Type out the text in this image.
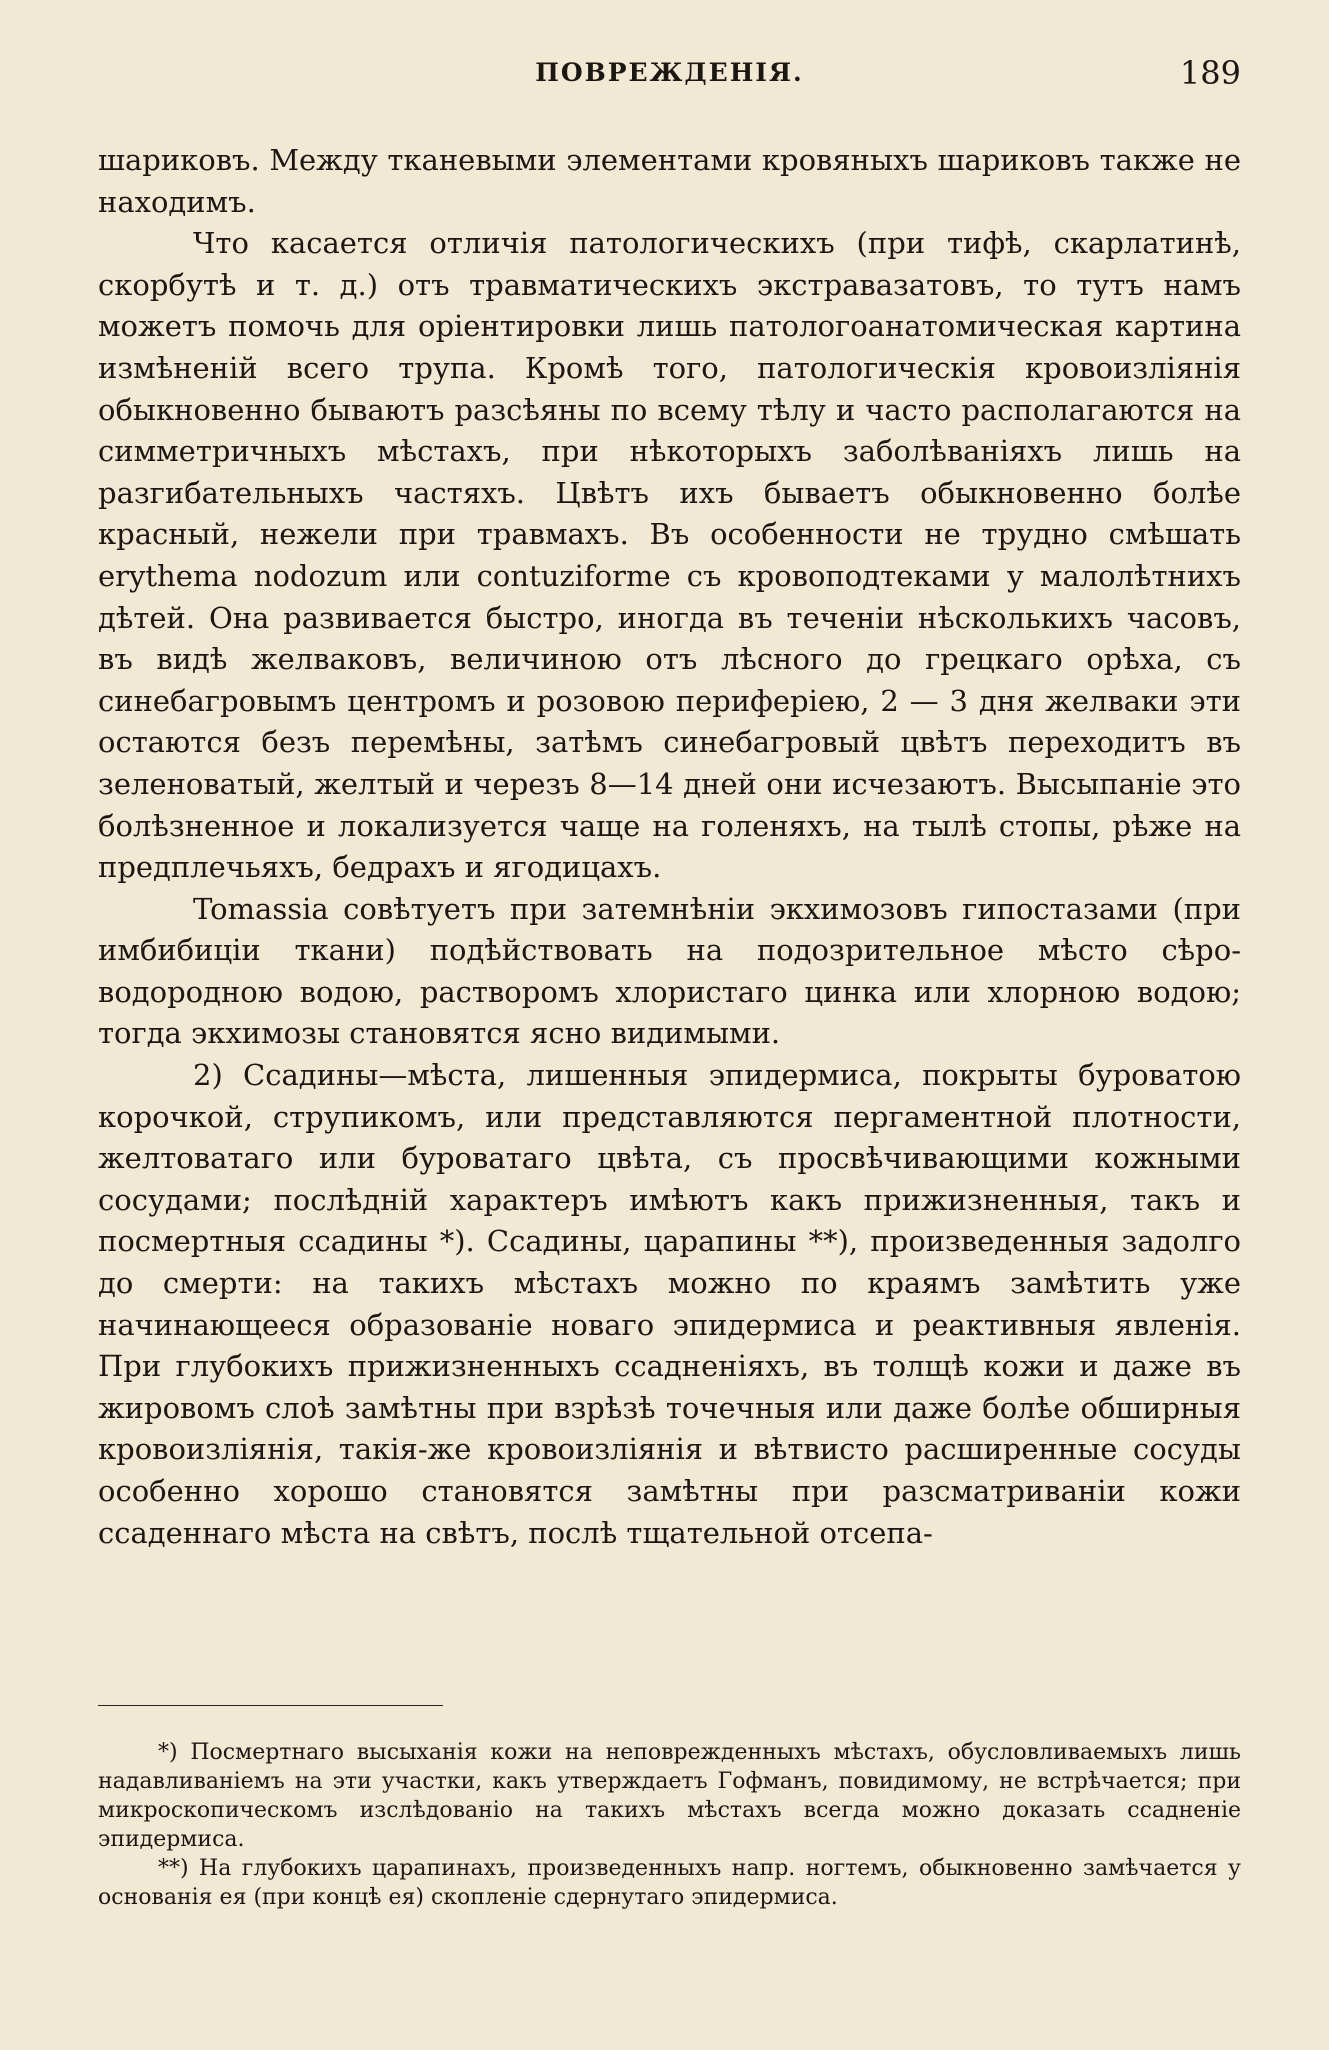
ПОВРЕЖДЕНІЯ.	189

шариковъ. Между тканевыми элементами кровяныхъ шариковъ также не находимъ.

Что касается отличія патологическихъ (при тифѣ, скарлатинѣ, скорбутѣ и т. д.) отъ травматическихъ экстравазатовъ, то тутъ намъ можетъ помочь для оріентировки лишь патологоанатомическая картина измѣненій всего трупа. Кромѣ того, патологическія кровоизліянія обыкновенно бываютъ разсѣяны по всему тѣлу и часто располагаются на симметричныхъ мѣстахъ, при нѣкоторыхъ заболѣваніяхъ лишь на разгибательныхъ частяхъ. Цвѣтъ ихъ бываетъ обыкновенно болѣе красный, нежели при травмахъ. Въ особенности не трудно смѣшать erythema nodozum или contuziforme съ кровоподтеками у малолѣтнихъ дѣтей. Она развивается быстро, иногда въ теченіи нѣсколькихъ часовъ, въ видѣ желваковъ, величиною отъ лѣсного до грецкаго орѣха, съ синебагровымъ центромъ и розовою периферіею, 2 — 3 дня желваки эти остаются безъ перемѣны, затѣмъ синебагровый цвѣтъ переходитъ въ зеленоватый, желтый и черезъ 8—14 дней они исчезаютъ. Высыпаніе это болѣзненное и локализуется чаще на голеняхъ, на тылѣ стопы, рѣже на предплечьяхъ, бедрахъ и ягодицахъ.

Tomassia совѣтуетъ при затемнѣніи экхимозовъ гипостазами (при имбибиціи ткани) подѣйствовать на подозрительное мѣсто сѣро-водородною водою, растворомъ хлористаго цинка или хлорною водою; тогда экхимозы становятся ясно видимыми.

2) Ссадины—мѣста, лишенныя эпидермиса, покрыты буроватою корочкой, струпикомъ, или представляются пергаментной плотности, желтоватаго или буроватаго цвѣта, съ просвѣчивающими кожными сосудами; послѣдній характеръ имѣютъ какъ прижизненныя, такъ и посмертныя ссадины *). Ссадины, царапины **), произведенныя задолго до смерти: на такихъ мѣстахъ можно по краямъ замѣтить уже начинающееся образованіе новаго эпидермиса и реактивныя явленія. При глубокихъ прижизненныхъ ссадненіяхъ, въ толщѣ кожи и даже въ жировомъ слоѣ замѣтны при взрѣзѣ точечныя или даже болѣе обширныя кровоизліянія, такія-же кровоизліянія и вѣтвисто расширенные сосуды особенно хорошо становятся замѣтны при разсматриваніи кожи ссаденнаго мѣста на свѣтъ, послѣ тщательной отсепа-

*) Посмертнаго высыханія кожи на неповрежденныхъ мѣстахъ, обусловливаемыхъ лишь надавливаніемъ на эти участки, какъ утверждаетъ Гофманъ, повидимому, не встрѣчается; при микроскопическомъ изслѣдованіо на такихъ мѣстахъ всегда можно доказать ссадненіе эпидермиса.

**) На глубокихъ царапинахъ, произведенныхъ напр. ногтемъ, обыкновенно замѣчается у основанія ея (при концѣ ея) скопленіе сдернутаго эпидермиса.
